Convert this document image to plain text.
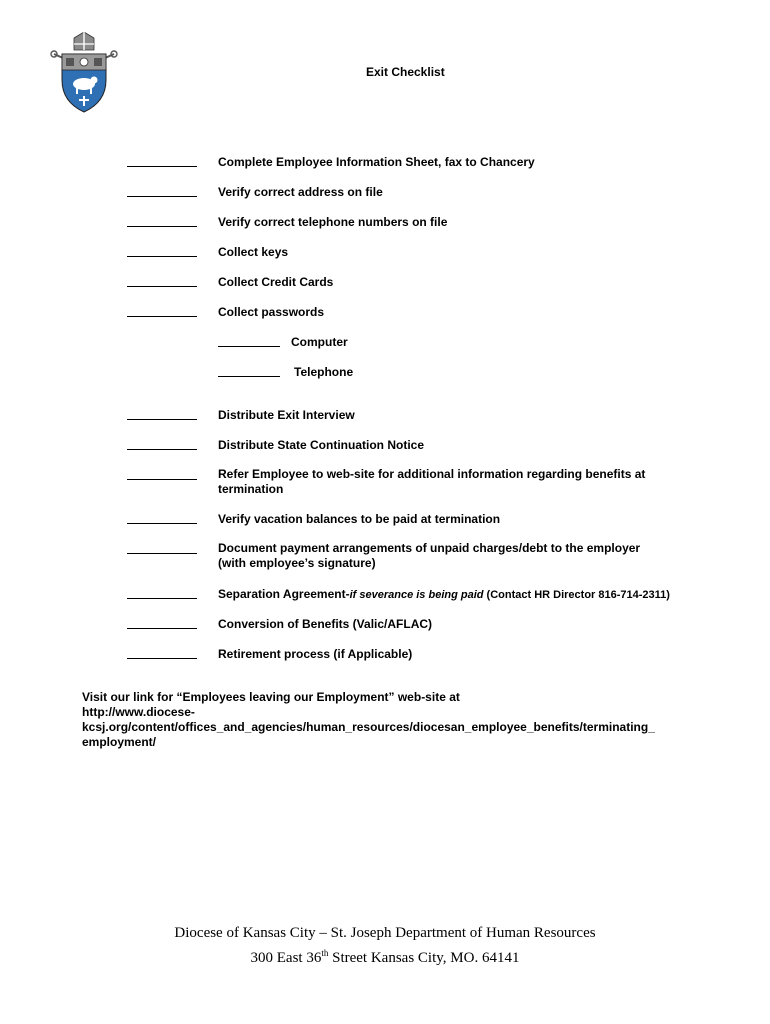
Exit Checklist
Complete Employee Information Sheet, fax to Chancery
Verify correct address on file
Verify correct telephone numbers on file
Collect keys
Collect Credit Cards
Collect passwords
Computer
Telephone
Distribute Exit Interview
Distribute State Continuation Notice
Refer Employee to web-site for additional information regarding benefits at
termination
Verify vacation balances to be paid at termination
Document payment arrangements of unpaid charges/debt to the employer
(with employee’s signature)
Separation Agreement-if severance is being paid (Contact HR Director 816-714-2311)
Conversion of Benefits (Valic/AFLAC)
Retirement process (if Applicable)
Visit our link for “Employees leaving our Employment” web-site at
http://www.diocese-
kcsj.org/content/offices_and_agencies/human_resources/diocesan_employee_benefits/terminating_
employment/
Diocese of Kansas City – St. Joseph Department of Human Resources
300 East 36th Street Kansas City, MO. 64141
